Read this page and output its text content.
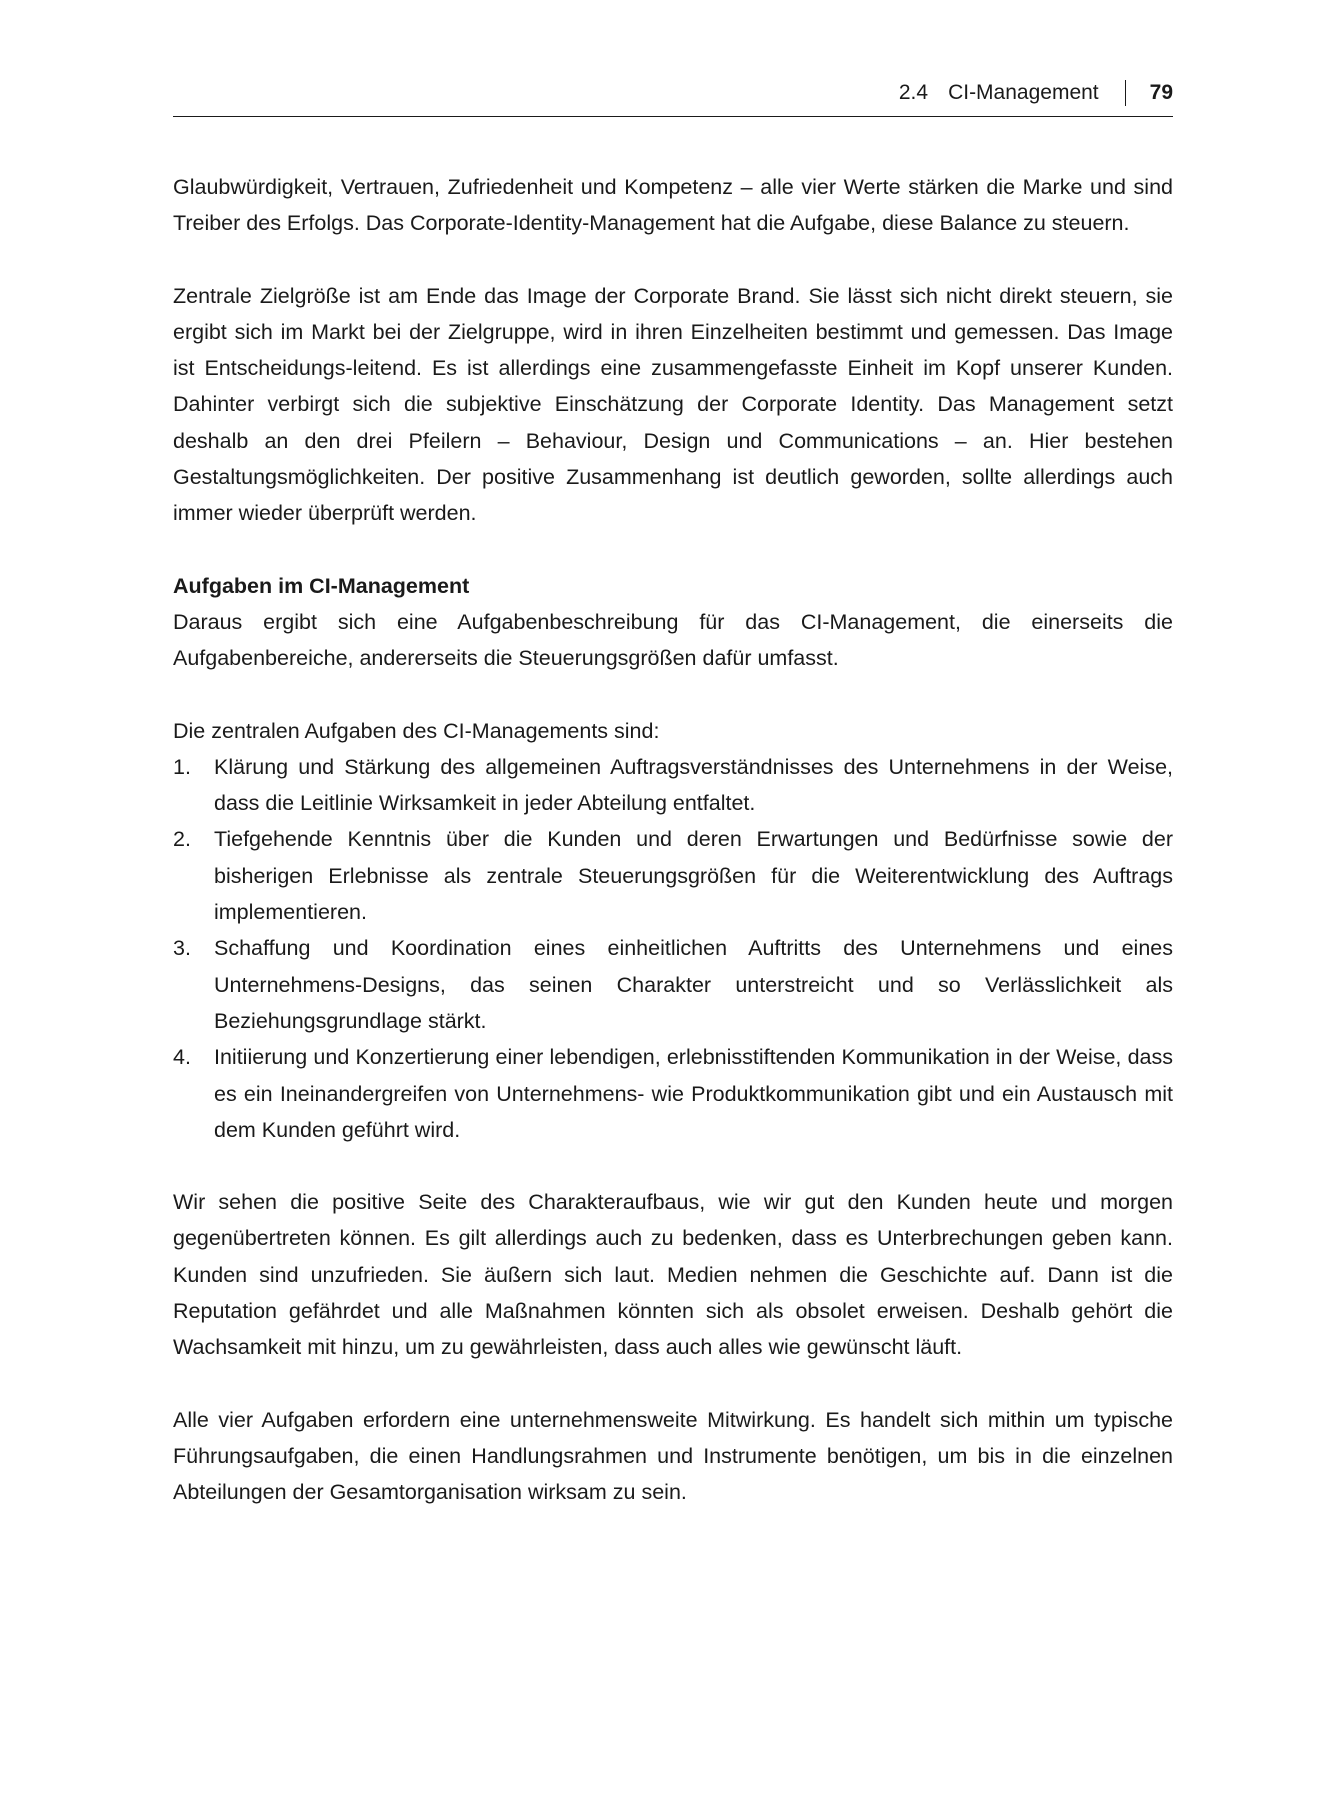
2.4 CI-Management 79

Glaubwürdigkeit, Vertrauen, Zufriedenheit und Kompetenz – alle vier Werte stärken die Marke und sind Treiber des Erfolgs. Das Corporate-Identity-Management hat die Aufgabe, diese Balance zu steuern.

Zentrale Zielgröße ist am Ende das Image der Corporate Brand. Sie lässt sich nicht direkt steuern, sie ergibt sich im Markt bei der Zielgruppe, wird in ihren Einzelheiten bestimmt und gemessen. Das Image ist Entscheidungs-leitend. Es ist allerdings eine zusammengefasste Einheit im Kopf unserer Kunden. Dahinter verbirgt sich die subjektive Einschätzung der Corporate Identity. Das Management setzt deshalb an den drei Pfeilern – Behaviour, Design und Communications – an. Hier bestehen Gestaltungsmöglichkeiten. Der positive Zusammenhang ist deutlich geworden, sollte allerdings auch immer wieder überprüft werden.

Aufgaben im CI-Management

Daraus ergibt sich eine Aufgabenbeschreibung für das CI-Management, die einerseits die Aufgabenbereiche, andererseits die Steuerungsgrößen dafür umfasst.

Die zentralen Aufgaben des CI-Managements sind:
1. Klärung und Stärkung des allgemeinen Auftragsverständnisses des Unternehmens in der Weise, dass die Leitlinie Wirksamkeit in jeder Abteilung entfaltet.
2. Tiefgehende Kenntnis über die Kunden und deren Erwartungen und Bedürfnisse sowie der bisherigen Erlebnisse als zentrale Steuerungsgrößen für die Weiterentwicklung des Auftrags implementieren.
3. Schaffung und Koordination eines einheitlichen Auftritts des Unternehmens und eines Unternehmens-Designs, das seinen Charakter unterstreicht und so Verlässlichkeit als Beziehungsgrundlage stärkt.
4. Initiierung und Konzertierung einer lebendigen, erlebnisstiftenden Kommunikation in der Weise, dass es ein Ineinandergreifen von Unternehmens- wie Produktkommunikation gibt und ein Austausch mit dem Kunden geführt wird.

Wir sehen die positive Seite des Charakteraufbaus, wie wir gut den Kunden heute und morgen gegenübertreten können. Es gilt allerdings auch zu bedenken, dass es Unterbrechungen geben kann. Kunden sind unzufrieden. Sie äußern sich laut. Medien nehmen die Geschichte auf. Dann ist die Reputation gefährdet und alle Maßnahmen könnten sich als obsolet erweisen. Deshalb gehört die Wachsamkeit mit hinzu, um zu gewährleisten, dass auch alles wie gewünscht läuft.

Alle vier Aufgaben erfordern eine unternehmensweite Mitwirkung. Es handelt sich mithin um typische Führungsaufgaben, die einen Handlungsrahmen und Instrumente benötigen, um bis in die einzelnen Abteilungen der Gesamtorganisation wirksam zu sein.
